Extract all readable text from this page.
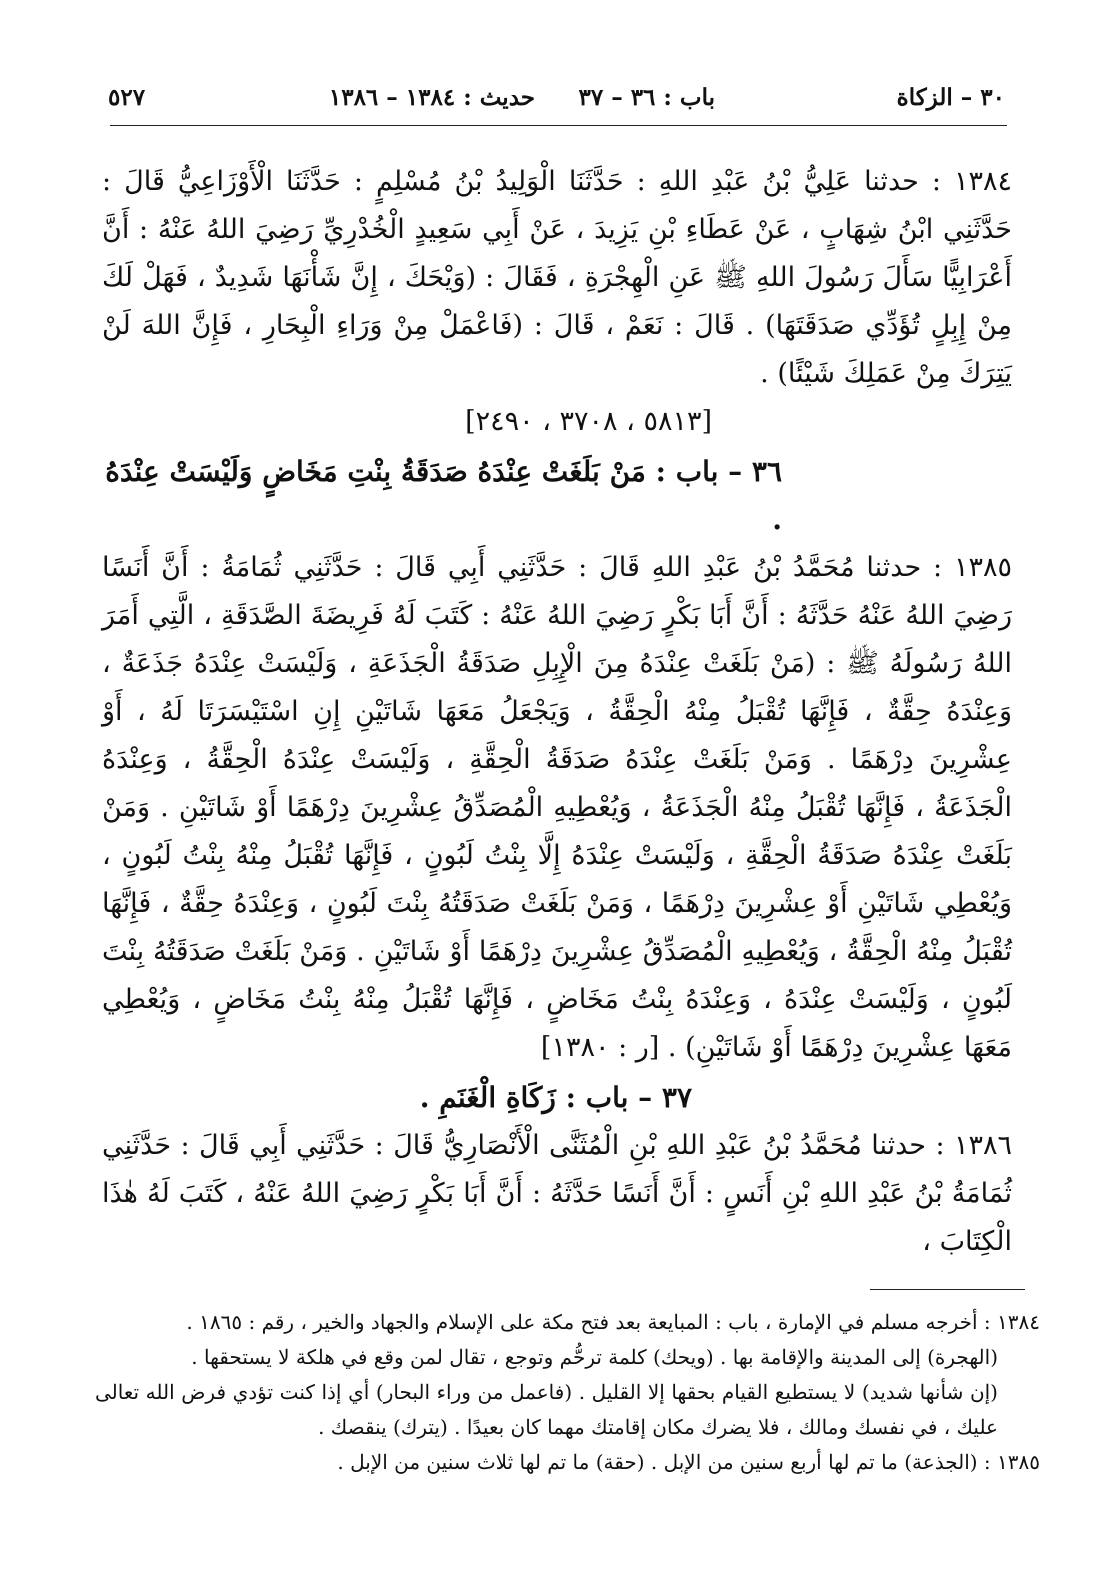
٣٠ – الزكاة
باب : ٣٦ – ٣٧
حديث : ١٣٨٤ – ١٣٨٦
٥٢٧

١٣٨٤ : حدثنا عَلِيُّ بْنُ عَبْدِ اللهِ : حَدَّثَنَا الْوَلِيدُ بْنُ مُسْلِمٍ : حَدَّثَنَا الْأَوْزَاعِيُّ قَالَ : حَدَّثَنِي ابْنُ شِهَابٍ ، عَنْ عَطَاءِ بْنِ يَزِيدَ ، عَنْ أَبِي سَعِيدٍ الْخُدْرِيِّ رَضِيَ اللهُ عَنْهُ : أَنَّ أَعْرَابِيًّا سَأَلَ رَسُولَ اللهِ ﷺ عَنِ الْهِجْرَةِ ، فَقَالَ : (وَيْحَكَ ، إِنَّ شَأْنَهَا شَدِيدٌ ، فَهَلْ لَكَ مِنْ إِبِلٍ تُؤَدِّي صَدَقَتَهَا) . قَالَ : نَعَمْ ، قَالَ : (فَاعْمَلْ مِنْ وَرَاءِ الْبِحَارِ ، فَإِنَّ اللهَ لَنْ يَتِرَكَ مِنْ عَمَلِكَ شَيْئًا) .

[٥٨١٣ ، ٣٧٠٨ ، ٢٤٩٠]
٣٦ – باب : مَنْ بَلَغَتْ عِنْدَهُ صَدَقَةُ بِنْتِ مَخَاضٍ وَلَيْسَتْ عِنْدَهُ .

١٣٨٥ : حدثنا مُحَمَّدُ بْنُ عَبْدِ اللهِ قَالَ : حَدَّثَنِي أَبِي قَالَ : حَدَّثَنِي ثُمَامَةُ : أَنَّ أَنَسًا رَضِيَ اللهُ عَنْهُ حَدَّثَهُ : أَنَّ أَبَا بَكْرٍ رَضِيَ اللهُ عَنْهُ : كَتَبَ لَهُ فَرِيضَةَ الصَّدَقَةِ ، الَّتِي أَمَرَ اللهُ رَسُولَهُ ﷺ : (مَنْ بَلَغَتْ عِنْدَهُ مِنَ الْإِبِلِ صَدَقَةُ الْجَذَعَةِ ، وَلَيْسَتْ عِنْدَهُ جَذَعَةٌ ، وَعِنْدَهُ حِقَّةٌ ، فَإِنَّهَا تُقْبَلُ مِنْهُ الْحِقَّةُ ، وَيَجْعَلُ مَعَهَا شَاتَيْنِ إِنِ اسْتَيْسَرَتَا لَهُ ، أَوْ عِشْرِينَ دِرْهَمًا . وَمَنْ بَلَغَتْ عِنْدَهُ صَدَقَةُ الْحِقَّةِ ، وَلَيْسَتْ عِنْدَهُ الْحِقَّةُ ، وَعِنْدَهُ الْجَذَعَةُ ، فَإِنَّهَا تُقْبَلُ مِنْهُ الْجَذَعَةُ ، وَيُعْطِيهِ الْمُصَدِّقُ عِشْرِينَ دِرْهَمًا أَوْ شَاتَيْنِ . وَمَنْ بَلَغَتْ عِنْدَهُ صَدَقَةُ الْحِقَّةِ ، وَلَيْسَتْ عِنْدَهُ إِلَّا بِنْتُ لَبُونٍ ، فَإِنَّهَا تُقْبَلُ مِنْهُ بِنْتُ لَبُونٍ ، وَيُعْطِي شَاتَيْنِ أَوْ عِشْرِينَ دِرْهَمًا ، وَمَنْ بَلَغَتْ صَدَقَتُهُ بِنْتَ لَبُونٍ ، وَعِنْدَهُ حِقَّةٌ ، فَإِنَّهَا تُقْبَلُ مِنْهُ الْحِقَّةُ ، وَيُعْطِيهِ الْمُصَدِّقُ عِشْرِينَ دِرْهَمًا أَوْ شَاتَيْنِ . وَمَنْ بَلَغَتْ صَدَقَتُهُ بِنْتَ لَبُونٍ ، وَلَيْسَتْ عِنْدَهُ ، وَعِنْدَهُ بِنْتُ مَخَاضٍ ، فَإِنَّهَا تُقْبَلُ مِنْهُ بِنْتُ مَخَاضٍ ، وَيُعْطِي مَعَهَا عِشْرِينَ دِرْهَمًا أَوْ شَاتَيْنِ) . [ر : ١٣٨٠]

٣٧ – باب : زَكَاةِ الْغَنَمِ .

١٣٨٦ : حدثنا مُحَمَّدُ بْنُ عَبْدِ اللهِ بْنِ الْمُثَنَّى الْأَنْصَارِيُّ قَالَ : حَدَّثَنِي أَبِي قَالَ : حَدَّثَنِي ثُمَامَةُ بْنُ عَبْدِ اللهِ بْنِ أَنَسٍ : أَنَّ أَنَسًا حَدَّثَهُ : أَنَّ أَبَا بَكْرٍ رَضِيَ اللهُ عَنْهُ ، كَتَبَ لَهُ هٰذَا الْكِتَابَ ،

١٣٨٤ : أخرجه مسلم في الإمارة ، باب : المبايعة بعد فتح مكة على الإسلام والجهاد والخير ، رقم : ١٨٦٥ .

(الهجرة) إلى المدينة والإقامة بها . (ويحك) كلمة ترحُّم وتوجع ، تقال لمن وقع في هلكة لا يستحقها .

(إن شأنها شديد) لا يستطيع القيام بحقها إلا القليل . (فاعمل من وراء البحار) أي إذا كنت تؤدي فرض الله تعالى عليك ، في نفسك ومالك ، فلا يضرك مكان إقامتك مهما كان بعيدًا . (يترك) ينقصك .

١٣٨٥ : (الجذعة) ما تم لها أربع سنين من الإبل . (حقة) ما تم لها ثلاث سنين من الإبل .
